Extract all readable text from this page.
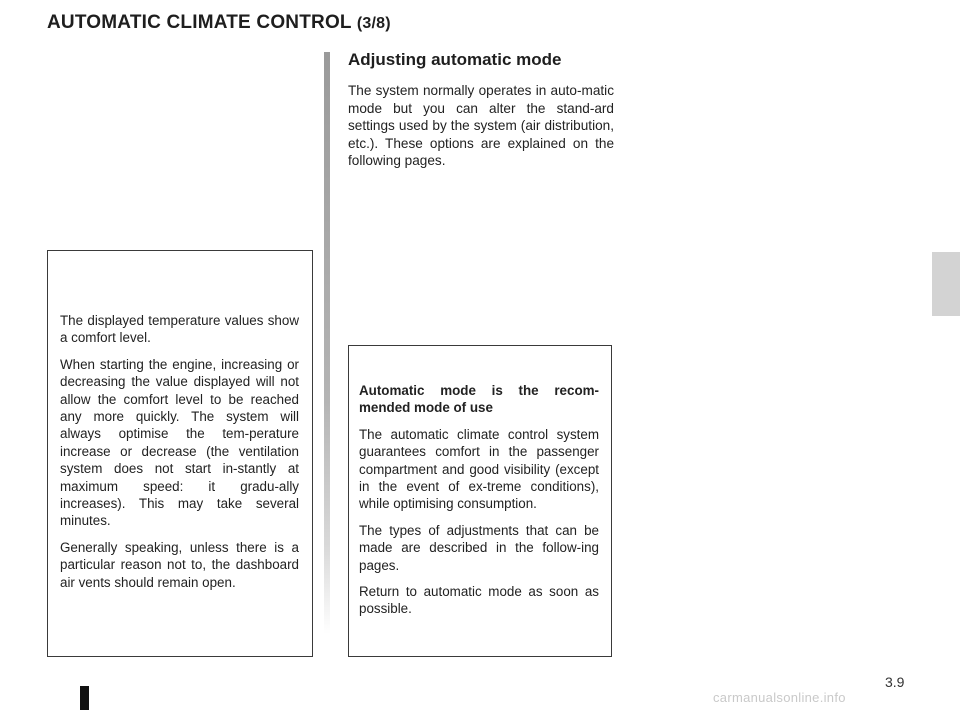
AUTOMATIC CLIMATE CONTROL (3/8)
Adjusting automatic mode

The system normally operates in auto-matic mode but you can alter the stand-ard settings used by the system (air distribution, etc.). These options are explained on the following pages.

The displayed temperature values show a comfort level.

When starting the engine, increasing or decreasing the value displayed will not allow the comfort level to be reached any more quickly. The system will always optimise the tem-perature increase or decrease (the ventilation system does not start in-stantly at maximum speed: it gradu-ally increases). This may take several minutes.

Generally speaking, unless there is a particular reason not to, the dashboard air vents should remain open.

Automatic mode is the recom-mended mode of use

The automatic climate control system guarantees comfort in the passenger compartment and good visibility (except in the event of ex-treme conditions), while optimising consumption.

The types of adjustments that can be made are described in the follow-ing pages.

Return to automatic mode as soon as possible.

3.9
carmanualsonline.info
